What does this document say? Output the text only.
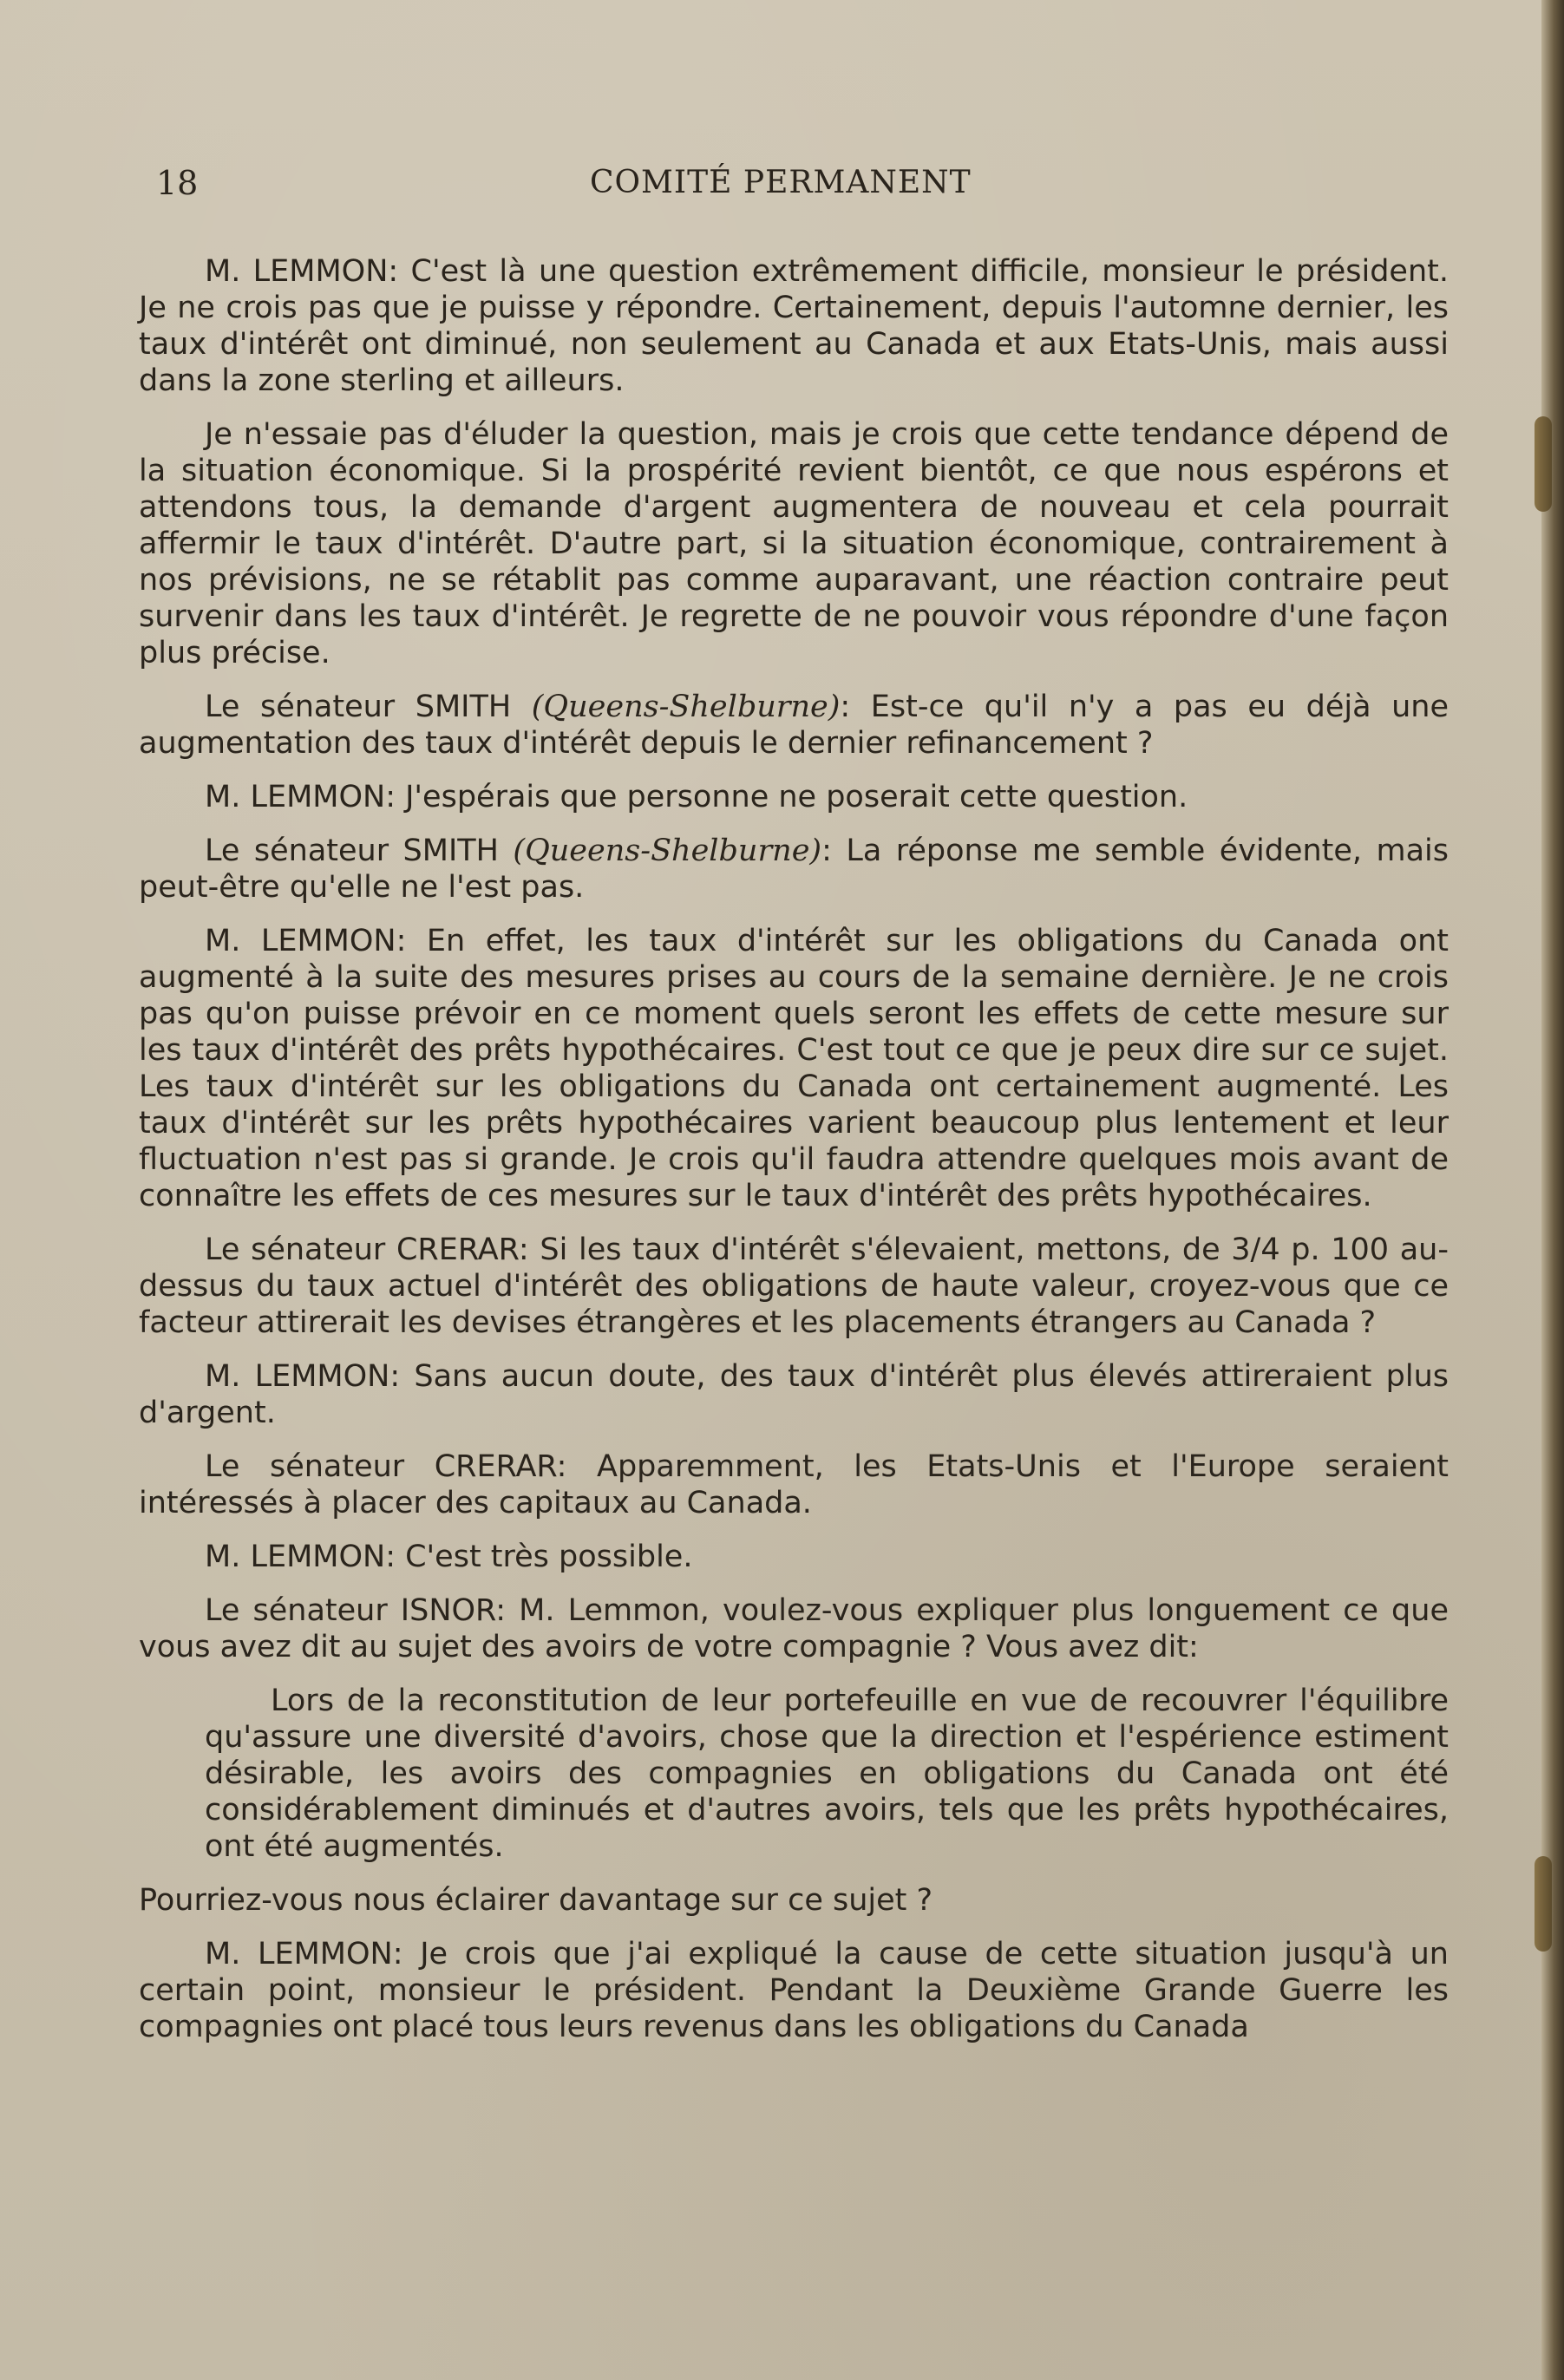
18	COMITÉ PERMANENT

M. LEMMON: C'est là une question extrêmement difficile, monsieur le président. Je ne crois pas que je puisse y répondre. Certainement, depuis l'automne dernier, les taux d'intérêt ont diminué, non seulement au Canada et aux Etats-Unis, mais aussi dans la zone sterling et ailleurs.

Je n'essaie pas d'éluder la question, mais je crois que cette tendance dépend de la situation économique. Si la prospérité revient bientôt, ce que nous espérons et attendons tous, la demande d'argent augmentera de nouveau et cela pourrait affermir le taux d'intérêt. D'autre part, si la situation économique, contrairement à nos prévisions, ne se rétablit pas comme auparavant, une réaction contraire peut survenir dans les taux d'intérêt. Je regrette de ne pouvoir vous répondre d'une façon plus précise.

Le sénateur SMITH (Queens-Shelburne): Est-ce qu'il n'y a pas eu déjà une augmentation des taux d'intérêt depuis le dernier refinancement ?

M. LEMMON: J'espérais que personne ne poserait cette question.

Le sénateur SMITH (Queens-Shelburne): La réponse me semble évidente, mais peut-être qu'elle ne l'est pas.

M. LEMMON: En effet, les taux d'intérêt sur les obligations du Canada ont augmenté à la suite des mesures prises au cours de la semaine dernière. Je ne crois pas qu'on puisse prévoir en ce moment quels seront les effets de cette mesure sur les taux d'intérêt des prêts hypothécaires. C'est tout ce que je peux dire sur ce sujet. Les taux d'intérêt sur les obligations du Canada ont certainement augmenté. Les taux d'intérêt sur les prêts hypothécaires varient beaucoup plus lentement et leur fluctuation n'est pas si grande. Je crois qu'il faudra attendre quelques mois avant de connaître les effets de ces mesures sur le taux d'intérêt des prêts hypothécaires.

Le sénateur CRERAR: Si les taux d'intérêt s'élevaient, mettons, de 3/4 p. 100 au-dessus du taux actuel d'intérêt des obligations de haute valeur, croyez-vous que ce facteur attirerait les devises étrangères et les placements étrangers au Canada ?

M. LEMMON: Sans aucun doute, des taux d'intérêt plus élevés attireraient plus d'argent.

Le sénateur CRERAR: Apparemment, les Etats-Unis et l'Europe seraient intéressés à placer des capitaux au Canada.

M. LEMMON: C'est très possible.

Le sénateur ISNOR: M. Lemmon, voulez-vous expliquer plus longuement ce que vous avez dit au sujet des avoirs de votre compagnie ? Vous avez dit:

Lors de la reconstitution de leur portefeuille en vue de recouvrer l'équilibre qu'assure une diversité d'avoirs, chose que la direction et l'espérience estiment désirable, les avoirs des compagnies en obligations du Canada ont été considérablement diminués et d'autres avoirs, tels que les prêts hypothécaires, ont été augmentés.

Pourriez-vous nous éclairer davantage sur ce sujet ?

M. LEMMON: Je crois que j'ai expliqué la cause de cette situation jusqu'à un certain point, monsieur le président. Pendant la Deuxième Grande Guerre les compagnies ont placé tous leurs revenus dans les obligations du Canada
